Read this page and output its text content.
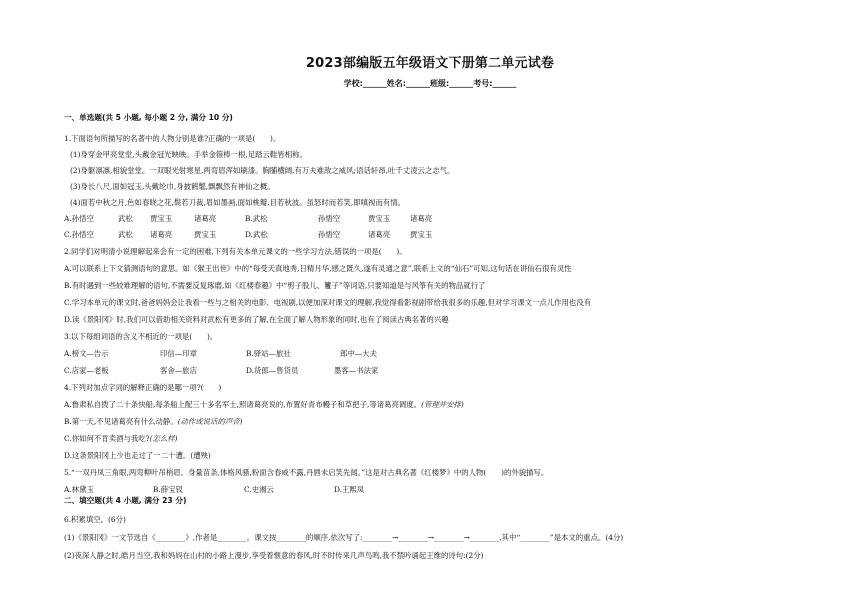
2023部编版五年级语文下册第二单元试卷
学校:______姓名:______班级:______考号:______
一、单选题(共 5 小题, 每小题 2 分, 满分 10 分)
1.下面语句所描写的名著中的人物分别是谁?正确的一项是(　　)。
(1)身穿金甲亮堂堂,头戴金冠光映映。手举金箍棒一根,足踏云鞋皆相称。
(2)身躯凛凛,相貌堂堂。一双眼光射寒星,两弯眉浑如刷漆。胸脯横阔,有万夫难敌之威风;语话轩昂,吐千丈凌云之志气。
(3)身长八尺,面如冠玉,头戴纶巾,身披鹤氅,飘飘然有神仙之概。
(4)面若中秋之月,色如春晓之花,鬓若刀裁,眉如墨画,面如桃瓣,目若秋波。虽怒时而若笑,即嗔视而有情。
A.孙悟空	武松 贾宝玉	诸葛亮	B.武松	孙悟空	贾宝玉	诸葛亮
C.孙悟空	武松 诸葛亮	贾宝玉	D.武松	孙悟空	诸葛亮	贾宝玉
2.同学们对明清小说理解起来会有一定的困难,下列有关本单元课文的一些学习方法,错误的一项是(　　)。
A.可以联系上下文猜测语句的意思。如《猴王出世》中的“每受天真地秀,日精月华,感之既久,遂有灵通之意”,联系上文的“仙石”可知,这句话在讲仙石很有灵性
B.有时遇到一些较难理解的语句,不需要反复琢磨,如《红楼春趣》中“剪子股儿、籰子”等词语,只要知道是与风筝有关的物品就行了
C.学习本单元的课文时,爸爸妈妈会让我看一些与之相关的电影、电视剧,以便加深对课文的理解,我觉得看影视剧带给我很多的乐趣,但对学习课文一点儿作用也没有
D.读《景阳冈》时,我们可以借助相关资料对武松有更多的了解,在全面了解人物形象的同时,也有了阅读古典名著的兴趣
3.以下每组词语的含义不相近的一项是(　　)。
A.榜文—告示	印信—印章	B.驿站—旅社	郎中—大夫
C.店家—老板	客舍—旅店	D.货郎—售货员	墨客—书法家
4.下列对加点字词的解释正确的是哪一项?(　　)
A.鲁肃私自拨了二十条快船,每条船上配三十多名军士,照诸葛亮说的,布置好青布幔子和草把子,等诸葛亮调度。(管理并安排)
B.第一天,不见诸葛亮有什么动静。(动作或说话的声音)
C.你如何不肯卖酒与我吃?(怎么样)
D.这条景阳冈上少也走过了一二十遭。(遭殃)
5.“一双丹凤三角眼,两弯柳叶吊梢眉。身量苗条,体格风骚,粉面含春威不露,丹唇未启笑先闻。”这是对古典名著《红楼梦》中的人物(　　)的外貌描写。
A.林黛玉	B.薛宝钗	C.史湘云	D.王熙凤
二、填空题(共 4 小题, 满分 23 分)
6.积累填空。(6分)
(1)《景阳冈》一文节选自《________》,作者是________。课文按________的顺序,依次写了:________→________→________→________,其中“________”是本文的重点。(4分)
(2)夜深人静之时,皓月当空,我和妈妈在山村的小路上漫步,享受着惬意的春风,时不时传来几声鸟鸣,我不禁吟诵起王维的诗句:(2分)
